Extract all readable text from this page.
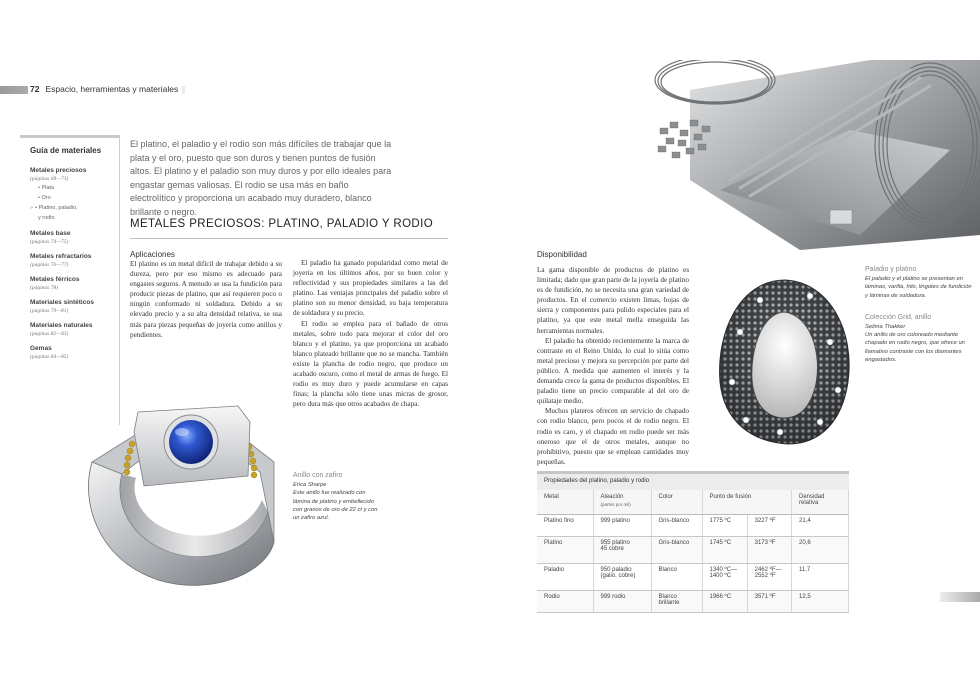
72 Espacio, herramientas y materiales
Guía de materiales
Metales preciosos
(páginas 68—73)
• Plata
• Oro
» • Platino, paladio,
y rodio
Metales base
(páginas 74—75)
Metales refractarios
(páginas 76—77)
Metales férricos
(páginas 78)
Materiales sintéticos
(páginas 79—81)
Materiales naturales
(páginas 82—83)
Gemas
(páginas 84—85)
El platino, el paladio y el rodio son más difíciles de trabajar que la plata y el oro, puesto que son duros y tienen puntos de fusión altos. El platino y el paladio son muy duros y por ello ideales para engastar gemas valiosas. El rodio se usa más en baño electrolítico y proporciona un acabado muy duradero, blanco brillante o negro.
METALES PRECIOSOS: PLATINO, PALADIO Y RODIO
Aplicaciones

El platino es un metal difícil de trabajar debido a su dureza, pero por eso mismo es adecuado para engastes seguros. A menudo se usa la fundición para producir piezas de platino, que así requieren poco o ningún conformado ni soldadura. Debido a su elevado precio y a su alta densidad relativa, se usa más para piezas pequeñas de joyería como anillos y pendientes.

El paladio ha ganado popularidad como metal de joyería en los últimos años, por su buen color y reflectividad y sus propiedades similares a las del platino. Las ventajas principales del paladio sobre el platino son su menor densidad, su baja temperatura de soldadura y su precio.

El rodio se emplea para el bañado de otros metales, sobre todo para mejorar el color del oro blanco y el platino, ya que proporciona un acabado blanco plateado brillante que no se mancha. También existe la plancha de rodio negro, que produce un acabado oscuro, como el metal de armas de fuego. El rodio es muy duro y puede acumularse en capas finas; la plancha sólo tiene unas micras de grosor, pero dura más que otros acabados de chapa.

Anillo con zafiro
Erica Sharpe
Este anillo fue realizado con lámina de platino y embellecido con granos de oro de 22 ct y con un zafiro azul.
Disponibilidad

La gama disponible de productos de platino es limitada; dado que gran parte de la joyería de platino es de fundición, no se necesita una gran variedad de productos. En el comercio existen limas, hojas de sierra y componentes para pulido especiales para el platino, ya que este metal mella enseguida las herramientas normales.

El paladio ha obtenido recientemente la marca de contraste en el Reino Unido, lo cual lo sitúa como metal precioso y mejora su percepción por parte del público. A medida que aumenten el interés y la demanda crece la gama de productos disponibles. El paladio tiene un precio comparable al del oro de quilataje medio.

Muchos plateros ofrecen un servicio de chapado con rodio blanco, pero pocos el de rodio negro. El rodio es caro, y el chapado en rodio puede ser más oneroso que el de otros metales, aunque no prohibitivo, puesto que se emplean cantidades muy pequeñas.

Paladio y platino
El paladio y el platino se presentan en láminas, varilla, hilo, lingotes de fundición y láminas de soldadura.
Colección Grid, anillo
Selima Thakker
Un anillo de oro coloreado mediante chapado en rodio negro, que ofrece un llamativo contraste con los diamantes engastados.
Propiedades del platino, paladio y rodio
Metal	Aleación
(partes por mil)	Color	Punto de fusión		Densidad relativa
Platino fino	999 platino	Gris-blanco	1775 ºC	3227 ºF	21,4
Platino	955 platino
45 cobre	Gris-blanco	1745 ºC	3173 ºF	20,6
Paladio	950 paladio
(galio, cobre)	Blanco	1340 ºC—1400 ºC	2462 ºF—2552 ºF	11,7
Rodio	999 rodio	Blanco brillante	1966 ºC	3571 ºF	12,5
